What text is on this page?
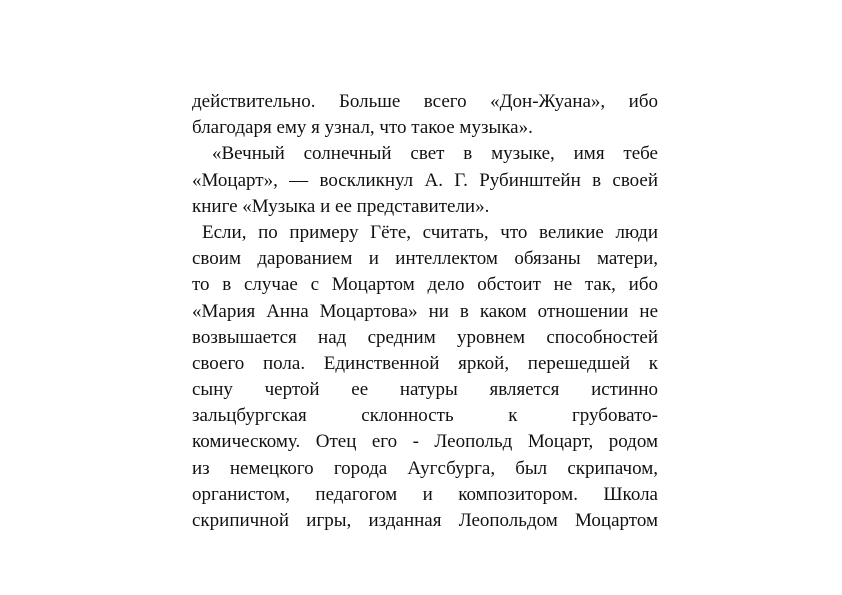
действительно. Больше всего «Дон-Жуана», ибо
благодаря ему я узнал, что такое музыка».
«Вечный солнечный свет в музыке, имя тебе
«Моцарт», — воскликнул А. Г. Рубинштейн в своей
книге «Музыка и ее представители».
Если, по примеру Гёте, считать, что великие люди
своим дарованием и интеллектом обязаны матери,
то в случае с Моцартом дело обстоит не так, ибо
«Мария Анна Моцартова» ни в каком отношении не
возвышается над средним уровнем способностей
своего пола. Единственной яркой, перешедшей к
сыну чертой ее натуры является истинно
зальцбургская склонность к грубовато-
комическому. Отец его - Леопольд Моцарт, родом
из немецкого города Аугсбурга, был скрипачом,
органистом, педагогом и композитором. Школа
скрипичной игры, изданная Леопольдом Моцартом
